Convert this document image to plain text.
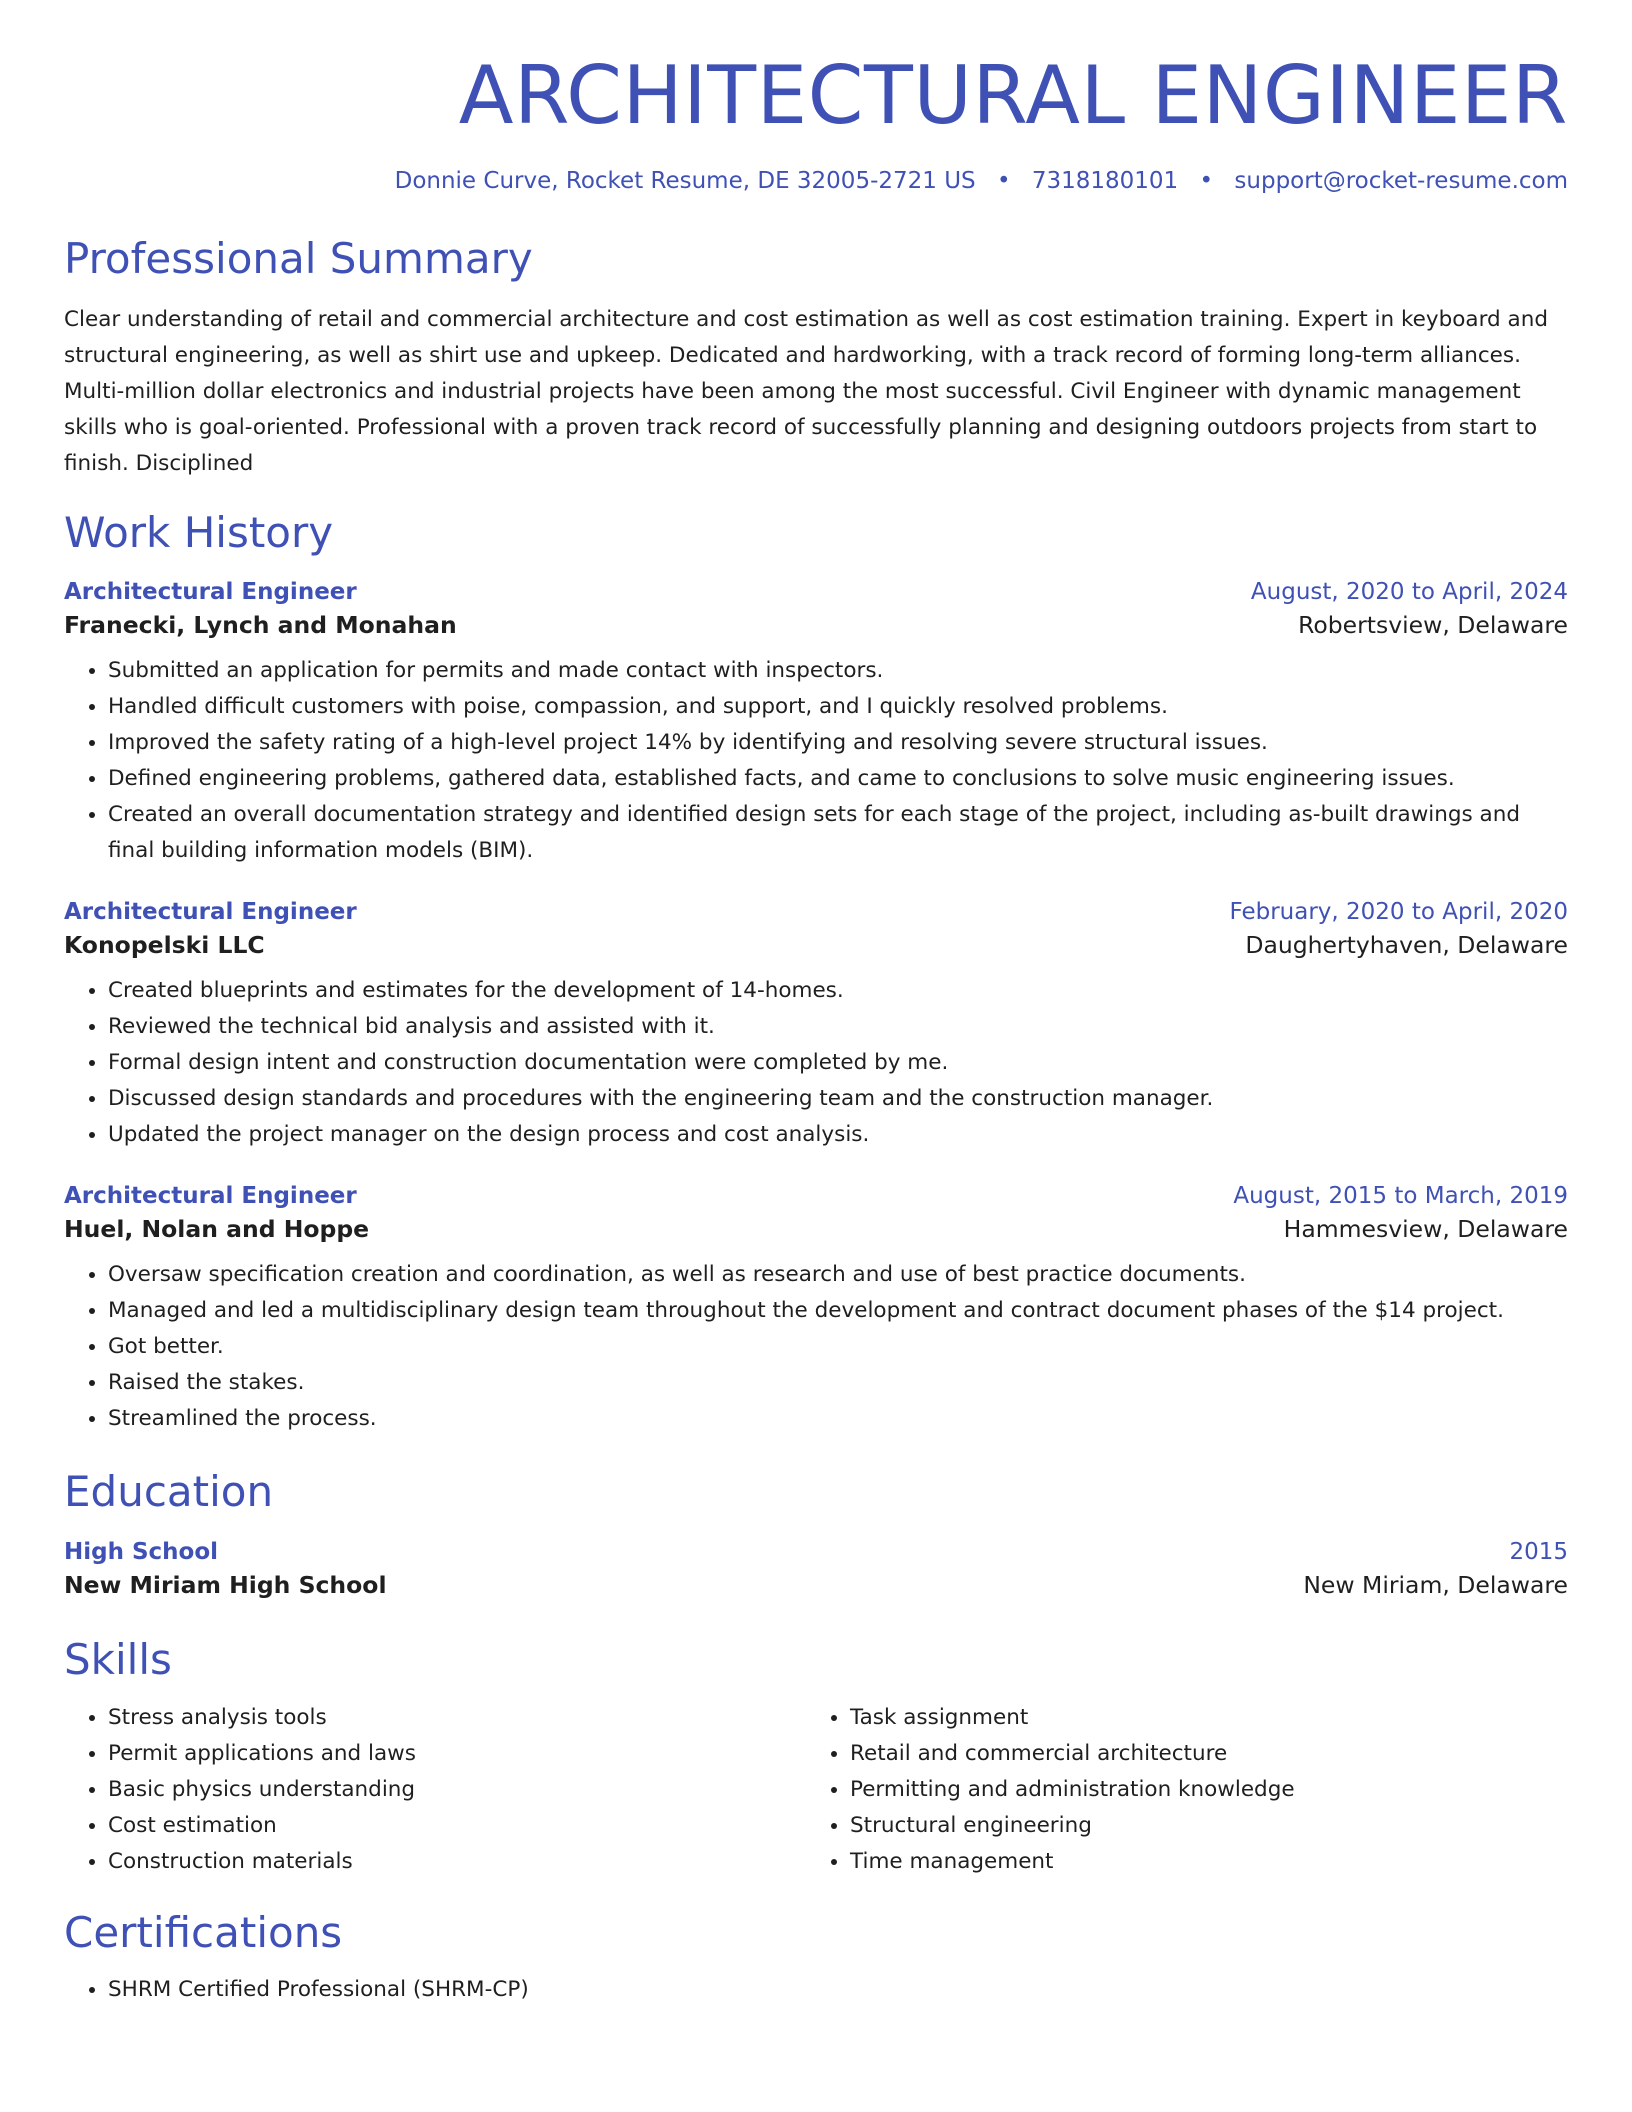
ARCHITECTURAL ENGINEER
Donnie Curve, Rocket Resume, DE 32005-2721 US • 7318180101 • support@rocket-resume.com
Professional Summary
Clear understanding of retail and commercial architecture and cost estimation as well as cost estimation training. Expert in keyboard and structural engineering, as well as shirt use and upkeep. Dedicated and hardworking, with a track record of forming long-term alliances. Multi-million dollar electronics and industrial projects have been among the most successful. Civil Engineer with dynamic management skills who is goal-oriented. Professional with a proven track record of successfully planning and designing outdoors projects from start to finish. Disciplined
Work History
Architectural Engineer	August, 2020 to April, 2024
Franecki, Lynch and Monahan	Robertsview, Delaware
• Submitted an application for permits and made contact with inspectors.
• Handled difficult customers with poise, compassion, and support, and I quickly resolved problems.
• Improved the safety rating of a high-level project 14% by identifying and resolving severe structural issues.
• Defined engineering problems, gathered data, established facts, and came to conclusions to solve music engineering issues.
• Created an overall documentation strategy and identified design sets for each stage of the project, including as-built drawings and final building information models (BIM).
Architectural Engineer	February, 2020 to April, 2020
Konopelski LLC	Daughertyhaven, Delaware
• Created blueprints and estimates for the development of 14-homes.
• Reviewed the technical bid analysis and assisted with it.
• Formal design intent and construction documentation were completed by me.
• Discussed design standards and procedures with the engineering team and the construction manager.
• Updated the project manager on the design process and cost analysis.
Architectural Engineer	August, 2015 to March, 2019
Huel, Nolan and Hoppe	Hammesview, Delaware
• Oversaw specification creation and coordination, as well as research and use of best practice documents.
• Managed and led a multidisciplinary design team throughout the development and contract document phases of the $14 project.
• Got better.
• Raised the stakes.
• Streamlined the process.
Education
High School	2015
New Miriam High School	New Miriam, Delaware
Skills
• Stress analysis tools
• Permit applications and laws
• Basic physics understanding
• Cost estimation
• Construction materials
• Task assignment
• Retail and commercial architecture
• Permitting and administration knowledge
• Structural engineering
• Time management
Certifications
• SHRM Certified Professional (SHRM-CP)
